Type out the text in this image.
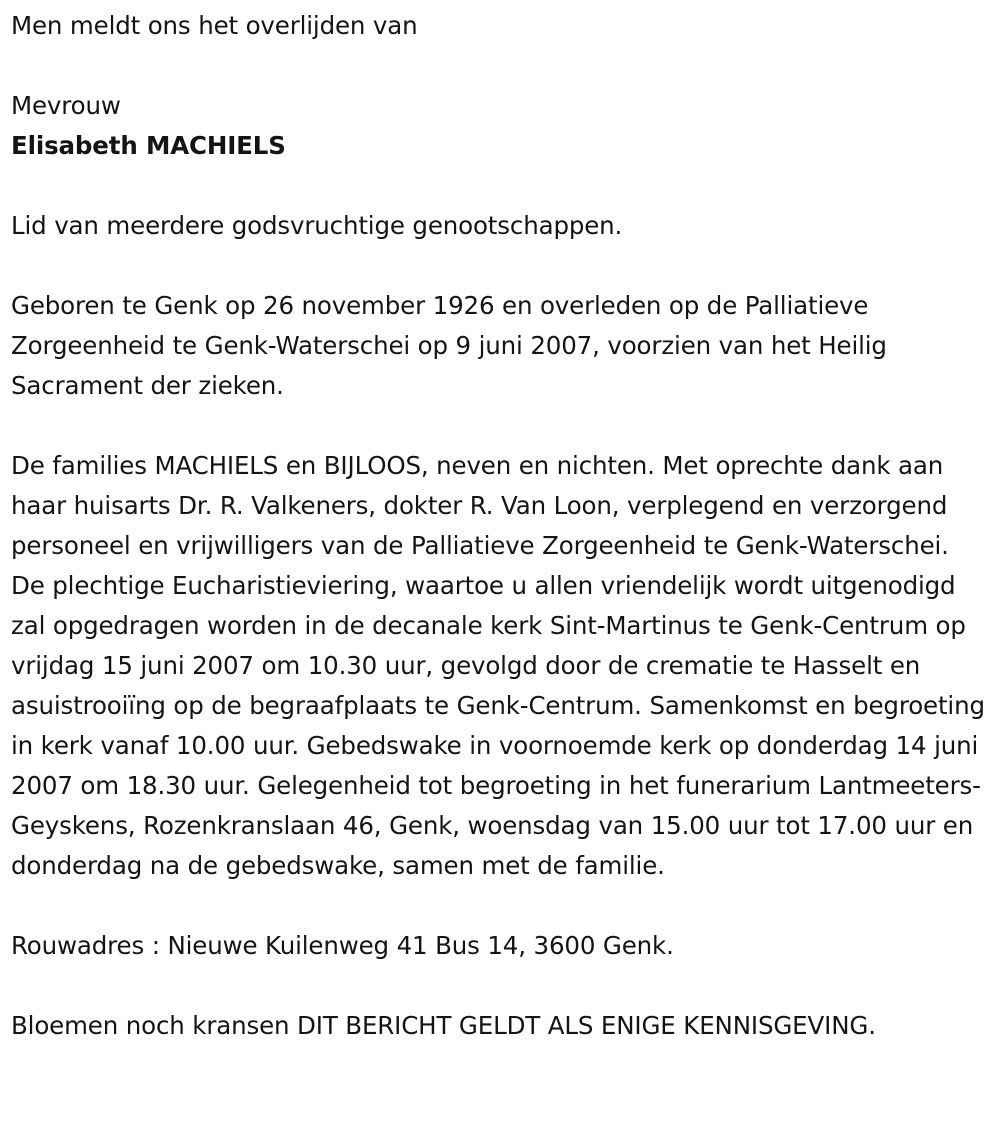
Men meldt ons het overlijden van

Mevrouw

Elisabeth MACHIELS

Lid van meerdere godsvruchtige genootschappen.

Geboren te Genk op 26 november 1926 en overleden op de Palliatieve Zorgeenheid te Genk-Waterschei op 9 juni 2007, voorzien van het Heilig Sacrament der zieken.

De families MACHIELS en BIJLOOS, neven en nichten. Met oprechte dank aan haar huisarts Dr. R. Valkeners, dokter R. Van Loon, verplegend en verzorgend personeel en vrijwilligers van de Palliatieve Zorgeenheid te Genk-Waterschei. De plechtige Eucharistieviering, waartoe u allen vriendelijk wordt uitgenodigd zal opgedragen worden in de decanale kerk Sint-Martinus te Genk-Centrum op vrijdag 15 juni 2007 om 10.30 uur, gevolgd door de crematie te Hasselt en asuistrooiïng op de begraafplaats te Genk-Centrum. Samenkomst en begroeting in kerk vanaf 10.00 uur. Gebedswake in voornoemde kerk op donderdag 14 juni 2007 om 18.30 uur. Gelegenheid tot begroeting in het funerarium Lantmeeters-Geyskens, Rozenkranslaan 46, Genk, woensdag van 15.00 uur tot 17.00 uur en donderdag na de gebedswake, samen met de familie.

Rouwadres : Nieuwe Kuilenweg 41 Bus 14, 3600 Genk.

Bloemen noch kransen DIT BERICHT GELDT ALS ENIGE KENNISGEVING.
